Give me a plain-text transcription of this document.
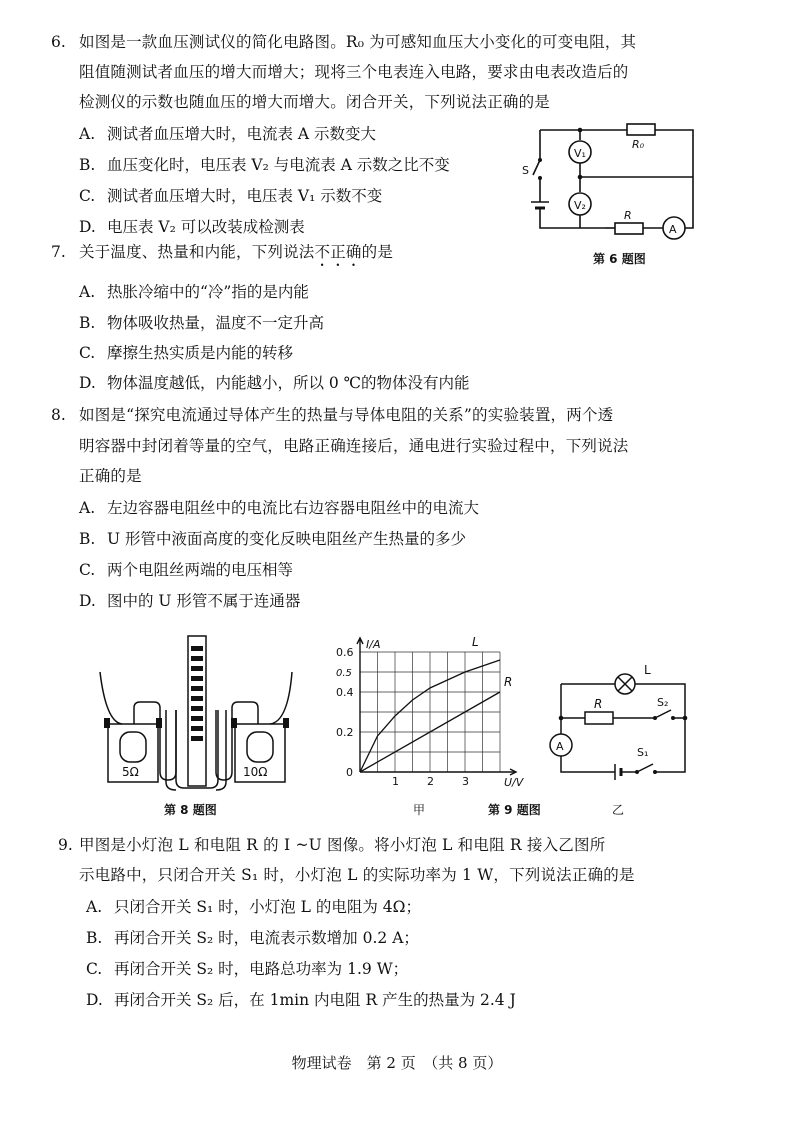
6. 如图是一款血压测试仪的简化电路图。R₀ 为可感知血压大小变化的可变电阻，其
阻值随测试者血压的增大而增大；现将三个电表连入电路，要求由电表改造后的
检测仪的示数也随血压的增大而增大。闭合开关，下列说法正确的是
A. 测试者血压增大时，电流表 A 示数变大
B. 血压变化时，电压表 V₂ 与电流表 A 示数之比不变
C. 测试者血压增大时，电压表 V₁ 示数不变
D. 电压表 V₂ 可以改装成检测表
R₀
V₁
V₂
R
A
S
第 6 题图
7. 关于温度、热量和内能，下列说法不正确的是
A. 热胀冷缩中的“冷”指的是内能
B. 物体吸收热量，温度不一定升高
C. 摩擦生热实质是内能的转移
D. 物体温度越低，内能越小，所以 0 ℃的物体没有内能
8. 如图是“探究电流通过导体产生的热量与导体电阻的关系”的实验装置，两个透
明容器中封闭着等量的空气，电路正确连接后，通电进行实验过程中，下列说法
正确的是
A. 左边容器电阻丝中的电流比右边容器电阻丝中的电流大
B. U 形管中液面高度的变化反映电阻丝产生热量的多少
C. 两个电阻丝两端的电压相等
D. 图中的 U 形管不属于连通器
5Ω	10Ω
第 8 题图
L
R
1	2	3
0.2
0.4
0.6
0.5
0
U/V
I/A
甲	第 9 题图
L
R	S₂
S₁
A
乙
9. 甲图是小灯泡 L 和电阻 R 的 I ~U 图像。将小灯泡 L 和电阻 R 接入乙图所
示电路中，只闭合开关 S₁ 时，小灯泡 L 的实际功率为 1 W，下列说法正确的是
A. 只闭合开关 S₁ 时，小灯泡 L 的电阻为 4Ω；
B. 再闭合开关 S₂ 时，电流表示数增加 0.2 A；
C. 再闭合开关 S₂ 时，电路总功率为 1.9 W；
D. 再闭合开关 S₂ 后，在 1min 内电阻 R 产生的热量为 2.4 J
物理试卷　第 2 页　（共 8 页）
